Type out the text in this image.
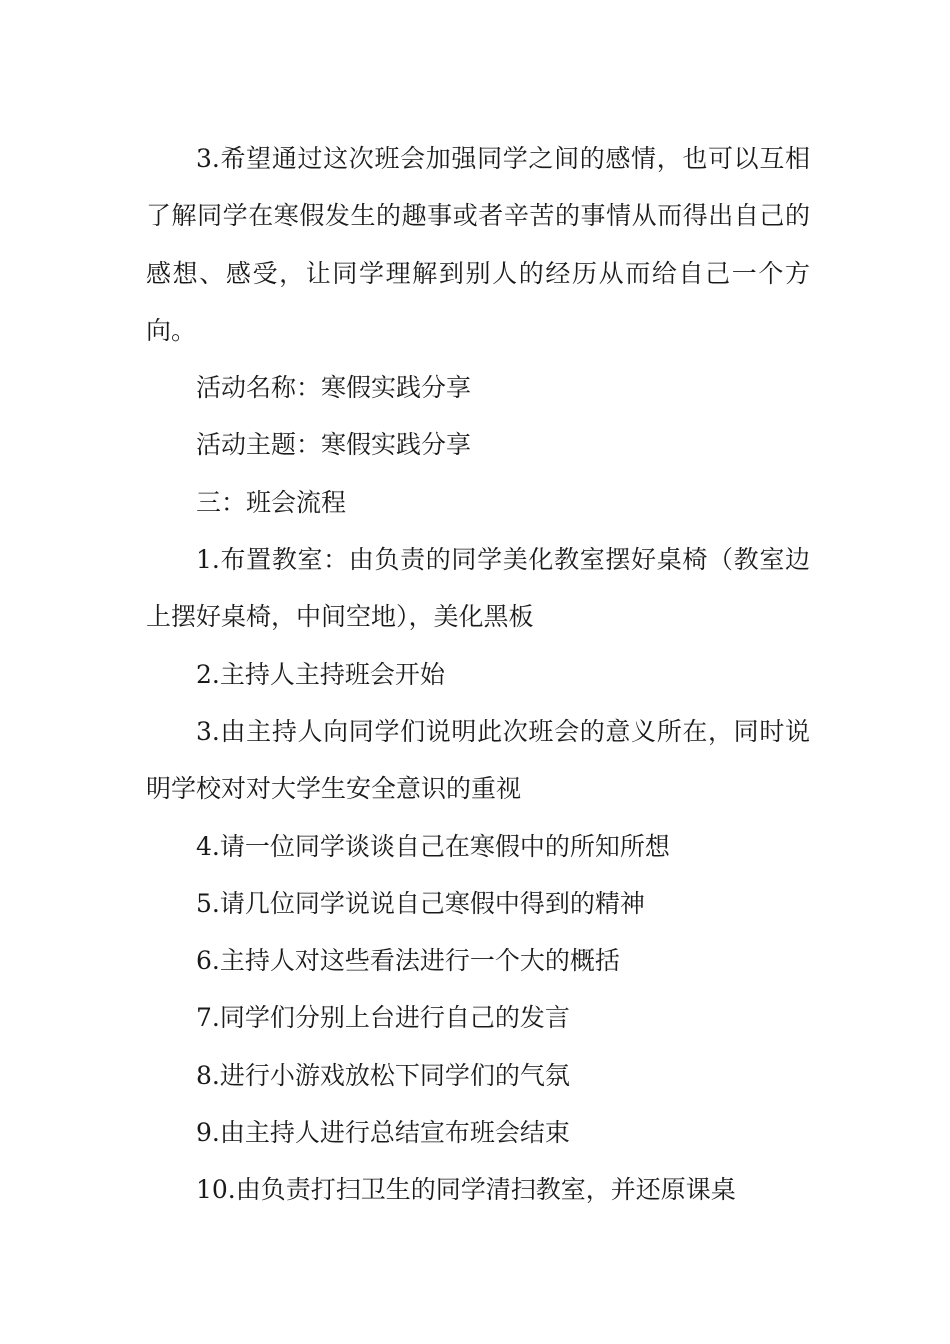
3.希望通过这次班会加强同学之间的感情，也可以互相了解同学在寒假发生的趣事或者辛苦的事情从而得出自己的感想、感受，让同学理解到别人的经历从而给自己一个方向。

活动名称：寒假实践分享

活动主题：寒假实践分享

三：班会流程

1.布置教室：由负责的同学美化教室摆好桌椅（教室边上摆好桌椅，中间空地），美化黑板

2.主持人主持班会开始

3.由主持人向同学们说明此次班会的意义所在，同时说明学校对对大学生安全意识的重视

4.请一位同学谈谈自己在寒假中的所知所想

5.请几位同学说说自己寒假中得到的精神

6.主持人对这些看法进行一个大的概括

7.同学们分别上台进行自己的发言

8.进行小游戏放松下同学们的气氛

9.由主持人进行总结宣布班会结束

10.由负责打扫卫生的同学清扫教室，并还原课桌
